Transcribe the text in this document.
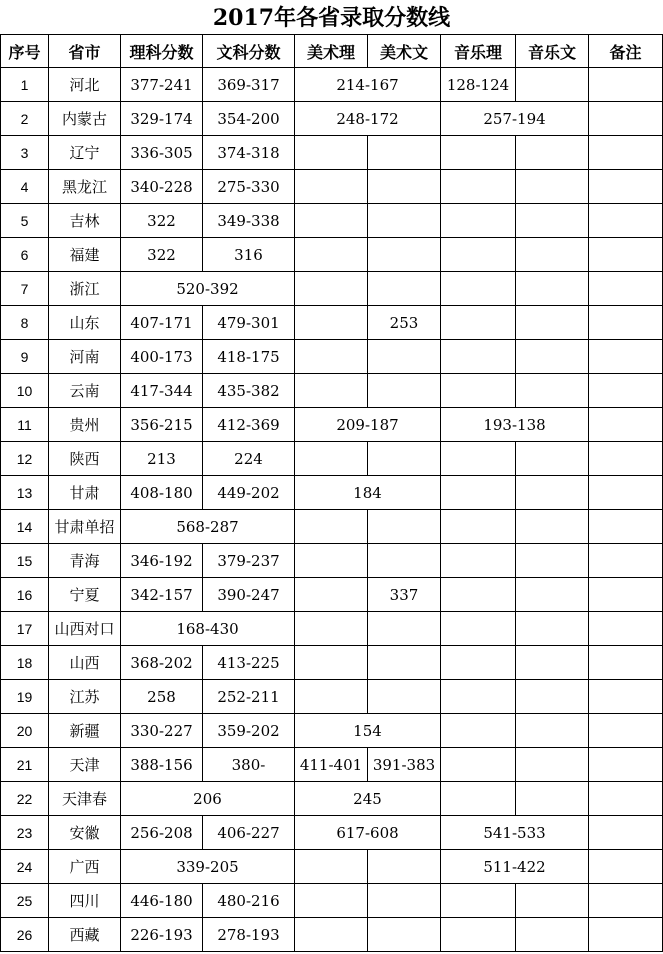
2017年各省录取分数线
序号	省市	理科分数	文科分数	美术理	美术文	音乐理	音乐文	备注
1	河北	377-241	369-317	214-167		128-124		
2	内蒙古	329-174	354-200	248-172		257-194		
3	辽宁	336-305	374-318					
4	黑龙江	340-228	275-330					
5	吉林	322	349-338					
6	福建	322	316					
7	浙江	520-392						
8	山东	407-171	479-301		253			
9	河南	400-173	418-175					
10	云南	417-344	435-382					
11	贵州	356-215	412-369	209-187		193-138		
12	陕西	213	224					
13	甘肃	408-180	449-202	184				
14	甘肃单招	568-287						
15	青海	346-192	379-237					
16	宁夏	342-157	390-247		337			
17	山西对口	168-430						
18	山西	368-202	413-225					
19	江苏	258	252-211					
20	新疆	330-227	359-202	154				
21	天津	388-156	380-	411-401	391-383			
22	天津春	206		245				
23	安徽	256-208	406-227	617-608		541-533		
24	广西	339-205				511-422		
25	四川	446-180	480-216					
26	西藏	226-193	278-193					
